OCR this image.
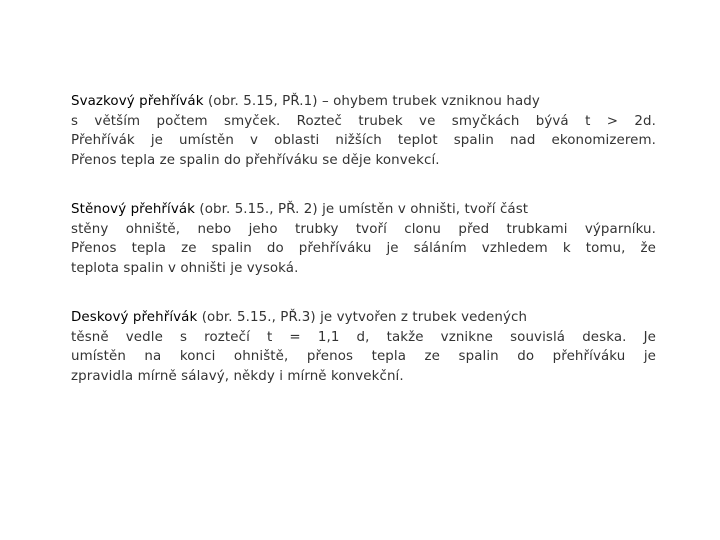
Svazkový přehřívák (obr. 5.15, PŘ.1) – ohybem trubek vzniknou hady
s větším počtem smyček. Rozteč trubek ve smyčkách bývá t > 2d.
Přehřívák je umístěn v oblasti nižších teplot spalin nad ekonomizerem.
Přenos tepla ze spalin do přehříváku se děje konvekcí.

Stěnový přehřívák (obr. 5.15., PŘ. 2) je umístěn v ohništi, tvoří část
stěny ohniště, nebo jeho trubky tvoří clonu před trubkami výparníku.
Přenos tepla ze spalin do přehříváku je sáláním vzhledem k tomu, že
teplota spalin v ohništi je vysoká.

Deskový přehřívák (obr. 5.15., PŘ.3) je vytvořen z trubek vedených
těsně vedle s roztečí t = 1,1 d, takže vznikne souvislá deska. Je
umístěn na konci ohniště, přenos tepla ze spalin do přehříváku je
zpravidla mírně sálavý, někdy i mírně konvekční.
